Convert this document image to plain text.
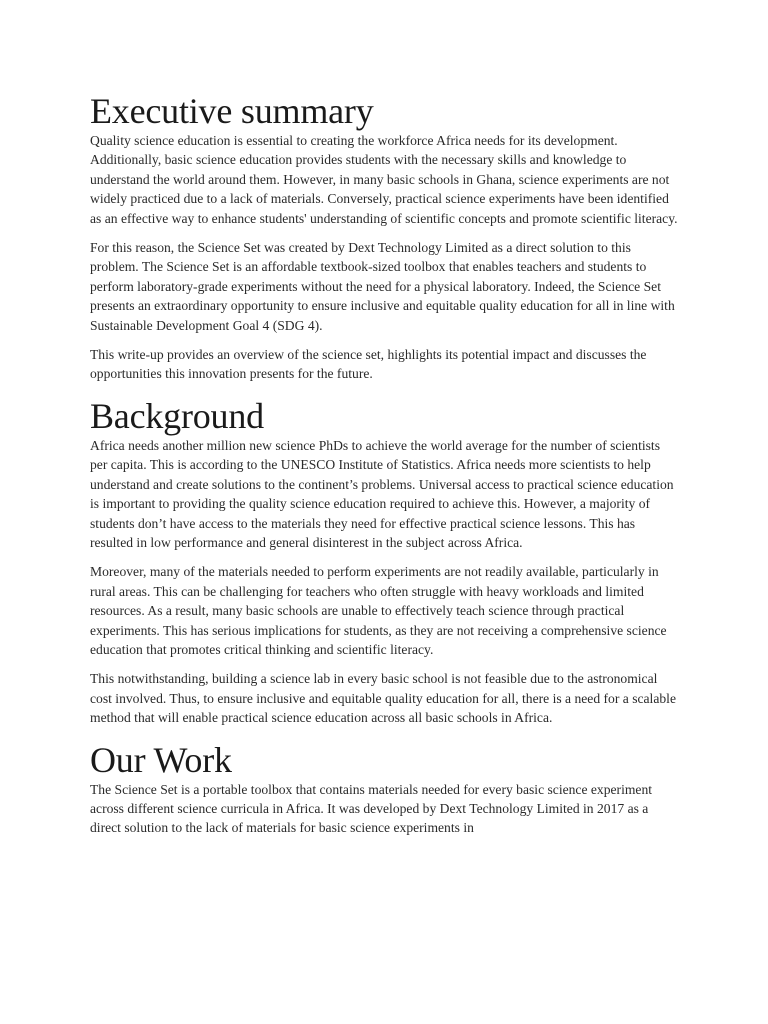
Executive summary

Quality science education is essential to creating the workforce Africa needs for its development. Additionally, basic science education provides students with the necessary skills and knowledge to understand the world around them. However, in many basic schools in Ghana, science experiments are not widely practiced due to a lack of materials. Conversely, practical science experiments have been identified as an effective way to enhance students' understanding of scientific concepts and promote scientific literacy.

For this reason, the Science Set was created by Dext Technology Limited as a direct solution to this problem. The Science Set is an affordable textbook-sized toolbox that enables teachers and students to perform laboratory-grade experiments without the need for a physical laboratory. Indeed, the Science Set presents an extraordinary opportunity to ensure inclusive and equitable quality education for all in line with Sustainable Development Goal 4 (SDG 4).

This write-up provides an overview of the science set, highlights its potential impact and discusses the opportunities this innovation presents for the future.

Background

Africa needs another million new science PhDs to achieve the world average for the number of scientists per capita. This is according to the UNESCO Institute of Statistics. Africa needs more scientists to help understand and create solutions to the continent’s problems. Universal access to practical science education is important to providing the quality science education required to achieve this. However, a majority of students don’t have access to the materials they need for effective practical science lessons. This has resulted in low performance and general disinterest in the subject across Africa.

Moreover, many of the materials needed to perform experiments are not readily available, particularly in rural areas. This can be challenging for teachers who often struggle with heavy workloads and limited resources. As a result, many basic schools are unable to effectively teach science through practical experiments. This has serious implications for students, as they are not receiving a comprehensive science education that promotes critical thinking and scientific literacy.

This notwithstanding, building a science lab in every basic school is not feasible due to the astronomical cost involved. Thus, to ensure inclusive and equitable quality education for all, there is a need for a scalable method that will enable practical science education across all basic schools in Africa.

Our Work

The Science Set is a portable toolbox that contains materials needed for every basic science experiment across different science curricula in Africa. It was developed by Dext Technology Limited in 2017 as a direct solution to the lack of materials for basic science experiments in
